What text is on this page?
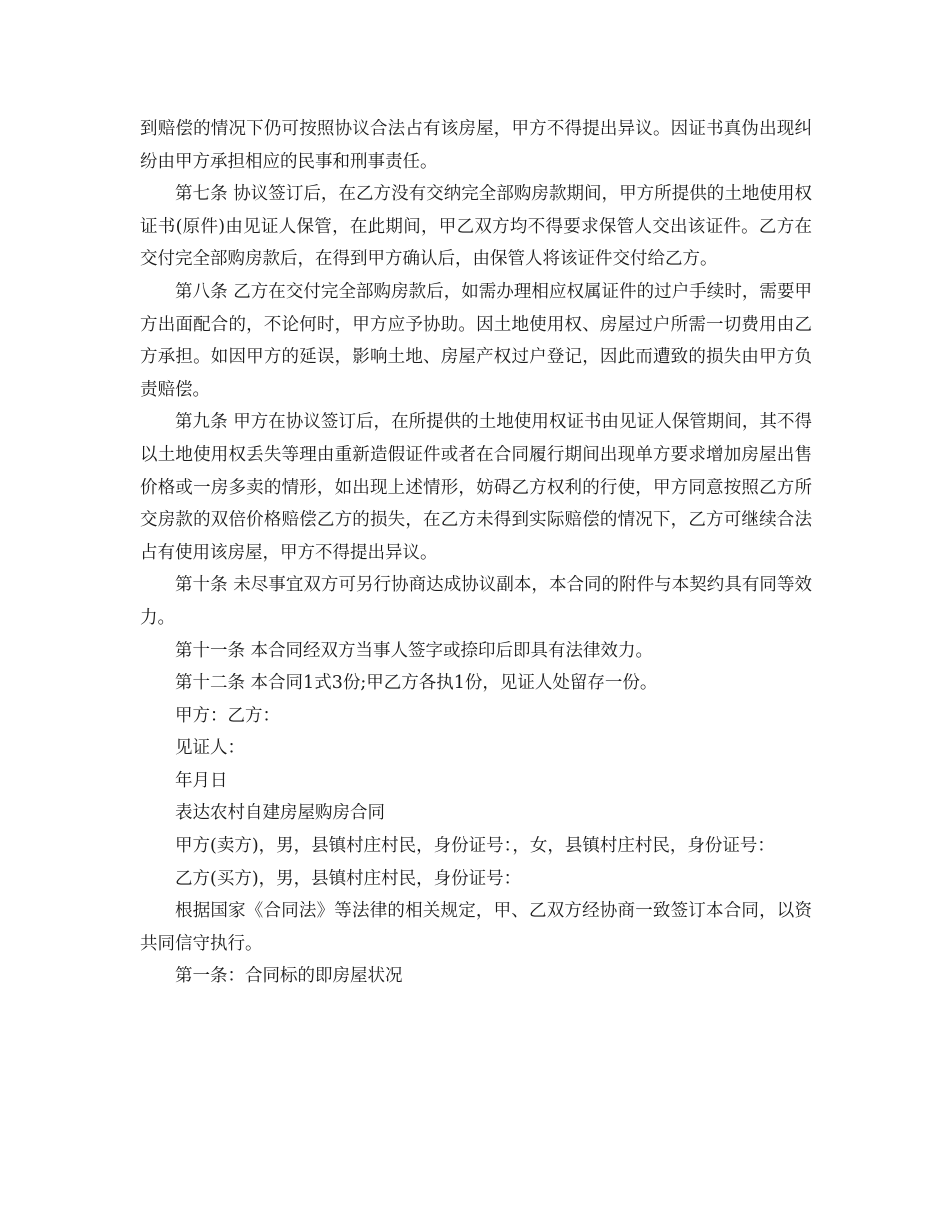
到赔偿的情况下仍可按照协议合法占有该房屋，甲方不得提出异议。因证书真伪出现纠纷由甲方承担相应的民事和刑事责任。

第七条 协议签订后，在乙方没有交纳完全部购房款期间，甲方所提供的土地使用权证书(原件)由见证人保管，在此期间，甲乙双方均不得要求保管人交出该证件。乙方在交付完全部购房款后，在得到甲方确认后，由保管人将该证件交付给乙方。

第八条 乙方在交付完全部购房款后，如需办理相应权属证件的过户手续时，需要甲方出面配合的，不论何时，甲方应予协助。因土地使用权、房屋过户所需一切费用由乙方承担。如因甲方的延误，影响土地、房屋产权过户登记，因此而遭致的损失由甲方负责赔偿。

第九条 甲方在协议签订后，在所提供的土地使用权证书由见证人保管期间，其不得以土地使用权丢失等理由重新造假证件或者在合同履行期间出现单方要求增加房屋出售价格或一房多卖的情形，如出现上述情形，妨碍乙方权利的行使，甲方同意按照乙方所交房款的双倍价格赔偿乙方的损失，在乙方未得到实际赔偿的情况下，乙方可继续合法占有使用该房屋，甲方不得提出异议。

第十条 未尽事宜双方可另行协商达成协议副本，本合同的附件与本契约具有同等效力。

第十一条 本合同经双方当事人签字或捺印后即具有法律效力。

第十二条 本合同1式3份;甲乙方各执1份，见证人处留存一份。

甲方：乙方：

见证人：

年月日

表达农村自建房屋购房合同

甲方(卖方)，男，县镇村庄村民，身份证号：，女，县镇村庄村民，身份证号：

乙方(买方)，男，县镇村庄村民，身份证号：

根据国家《合同法》等法律的相关规定，甲、乙双方经协商一致签订本合同，以资共同信守执行。

第一条：合同标的即房屋状况
